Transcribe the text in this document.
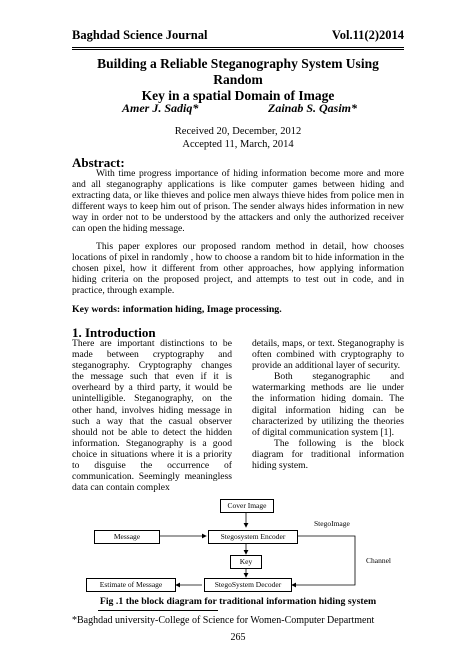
Baghdad Science Journal	Vol.11(2)2014
Building a Reliable Steganography System Using Random
Key in a spatial Domain of Image
Amer J. Sadiq*	Zainab S. Qasim*
Received 20, December, 2012
Accepted 11, March, 2014
Abstract:

With time progress importance of hiding information become more and more and all steganography applications is like computer games between hiding and extracting data, or like thieves and police men always thieve hides from police men in different ways to keep him out of prison. The sender always hides information in new way in order not to be understood by the attackers and only the authorized receiver can open the hiding message.

This paper explores our proposed random method in detail, how chooses locations of pixel in randomly , how to choose a random bit to hide information in the chosen pixel, how it different from other approaches, how applying information hiding criteria on the proposed project, and attempts to test out in code, and in practice, through example.

Key words: information hiding, Image processing.
1. Introduction

There are important distinctions to be made between cryptography and steganography. Cryptography changes the message such that even if it is overheard by a third party, it would be unintelligible. Steganography, on the other hand, involves hiding message in such a way that the casual observer should not be able to detect the hidden information. Steganography is a good choice in situations where it is a priority to disguise the occurrence of communication. Seemingly meaningless data can contain complex

details, maps, or text. Steganography is often combined with cryptography to provide an additional layer of security.

Both steganographic and watermarking methods are lie under the information hiding domain. The digital information hiding can be characterized by utilizing the theories of digital communication system [1].

The following is the block diagram for traditional information hiding system.

Cover Image
Message	Stegosystem Encoder
StegoImage
Key	Channel
Estimate of Message	StegoSystem Decoder
Fig .1 the block diagram for traditional information hiding system
*Baghdad university-College of Science for Women-Computer Department
265
